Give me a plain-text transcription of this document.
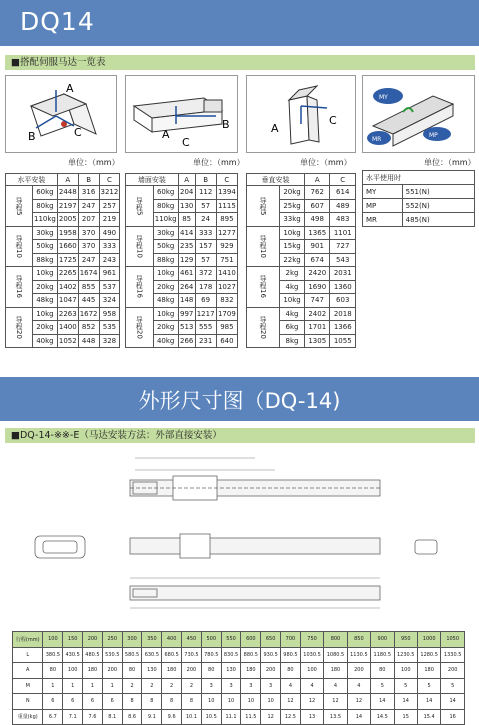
DQ14
■搭配伺服马达一览表
A
B	C	A
B
C
A
C
MY
MP
MR
单位：（mm）	单位：（mm）	单位：（mm）	单位：（mm）
水平安装		A	B	C
导程5	60kg	2448	316	3212
	80kg	2197	247	257
	110kg	2005	207	219
导程10	30kg	1958	370	490
	50kg	1660	370	333
	88kg	1725	247	243
导程16	10kg	2265	1674	961
	20kg	1402	855	537
	48kg	1047	445	324
导程20	10kg	2263	1672	958
	20kg	1400	852	535
	40kg	1052	448	328
墙面安装		A	B	C
导程5	60kg	204	112	1394
	80kg	130	57	1115
	110kg	85	24	895
导程10	30kg	414	333	1277
	50kg	235	157	929
	88kg	129	57	751
导程16	10kg	461	372	1410
	20kg	264	178	1027
	48kg	148	69	832
导程20	10kg	997	1217	1709
	20kg	513	555	985
	40kg	266	231	640
垂直安装		A	C
导程5	20kg	762	614
	25kg	607	489
	33kg	498	483
导程10	10kg	1365	1101
	15kg	901	727
	22kg	674	543
导程16	2kg	2420	2031
	4kg	1690	1360
	10kg	747	603
导程20	4kg	2402	2018
	6kg	1701	1366
	8kg	1305	1055
水平使用时	
MY	551(N)
MP	552(N)
MR	485(N)
外形尺寸图（DQ-14)
■DQ-14-※※-E（马达安装方法：外部直接安装）
行程(mm)	100	150	200	250	300	350	400	450	500	550	600	650	700	750	800	850	900	950	1000	1050
L	380.5	430.5	480.5	530.5	580.5	630.5	680.5	730.5	780.5	830.5	880.5	930.5	980.5	1030.5	1080.5	1130.5	1180.5	1230.5	1280.5	1330.5
A	80	100	180	200	80	130	180	200	80	130	180	200	80	100	180	200	80	100	180	200
M	1	1	1	1	2	2	2	2	3	3	3	3	4	4	4	4	5	5	5	5
N	6	6	6	6	8	8	8	8	10	10	10	10	12	12	12	12	14	14	14	14
重量(kg)	6.7	7.1	7.6	8.1	8.6	9.1	9.6	10.1	10.5	11.1	11.5	12	12.5	13	13.5	14	14.5	15	15.4	16
